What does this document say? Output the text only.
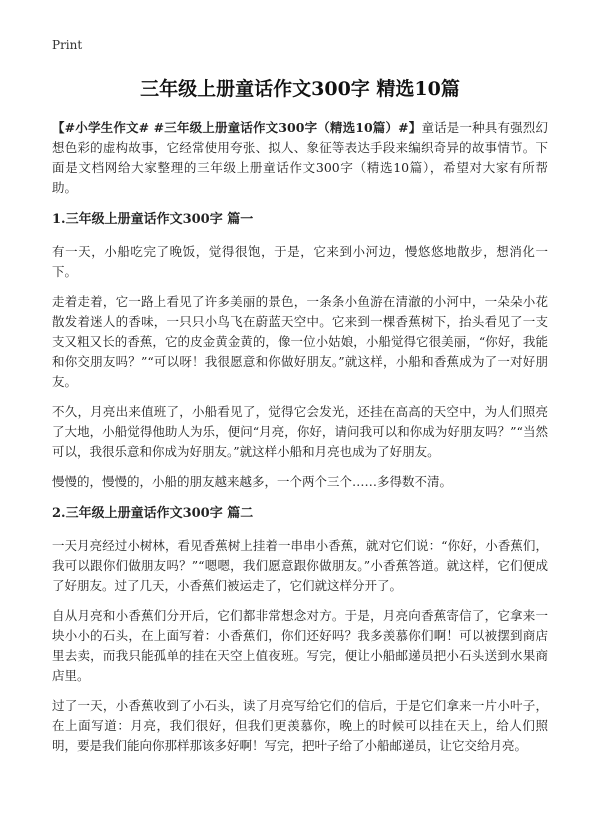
Print
三年级上册童话作文300字 精选10篇

【#小学生作文# #三年级上册童话作文300字（精选10篇）#】童话是一种具有强烈幻想色彩的虚构故事，它经常使用夸张、拟人、象征等表达手段来编织奇异的故事情节。下面是文档网给大家整理的三年级上册童话作文300字（精选10篇），希望对大家有所帮助。

1.三年级上册童话作文300字 篇一

有一天，小船吃完了晚饭，觉得很饱，于是，它来到小河边，慢悠悠地散步，想消化一下。

走着走着，它一路上看见了许多美丽的景色，一条条小鱼游在清澈的小河中，一朵朵小花散发着迷人的香味，一只只小鸟飞在蔚蓝天空中。它来到一棵香蕉树下，抬头看见了一支支又粗又长的香蕉，它的皮金黄金黄的，像一位小姑娘，小船觉得它很美丽，“你好，我能和你交朋友吗？”“可以呀！我很愿意和你做好朋友。”就这样，小船和香蕉成为了一对好朋友。

不久，月亮出来值班了，小船看见了，觉得它会发光，还挂在高高的天空中，为人们照亮了大地，小船觉得他助人为乐，便问“月亮，你好，请问我可以和你成为好朋友吗？”“当然可以，我很乐意和你成为好朋友。”就这样小船和月亮也成为了好朋友。

慢慢的，慢慢的，小船的朋友越来越多，一个两个三个……多得数不清。

2.三年级上册童话作文300字 篇二

一天月亮经过小树林，看见香蕉树上挂着一串串小香蕉，就对它们说：“你好，小香蕉们，我可以跟你们做朋友吗？”“嗯嗯，我们愿意跟你做朋友。”小香蕉答道。就这样，它们便成了好朋友。过了几天，小香蕉们被运走了，它们就这样分开了。

自从月亮和小香蕉们分开后，它们都非常想念对方。于是，月亮向香蕉寄信了，它拿来一块小小的石头，在上面写着：小香蕉们，你们还好吗？我多羡慕你们啊！可以被摆到商店里去卖，而我只能孤单的挂在天空上值夜班。写完，便让小船邮递员把小石头送到水果商店里。

过了一天，小香蕉收到了小石头，读了月亮写给它们的信后，于是它们拿来一片小叶子，在上面写道：月亮，我们很好，但我们更羡慕你，晚上的时候可以挂在天上，给人们照明，要是我们能向你那样那该多好啊！写完，把叶子给了小船邮递员，让它交给月亮。
